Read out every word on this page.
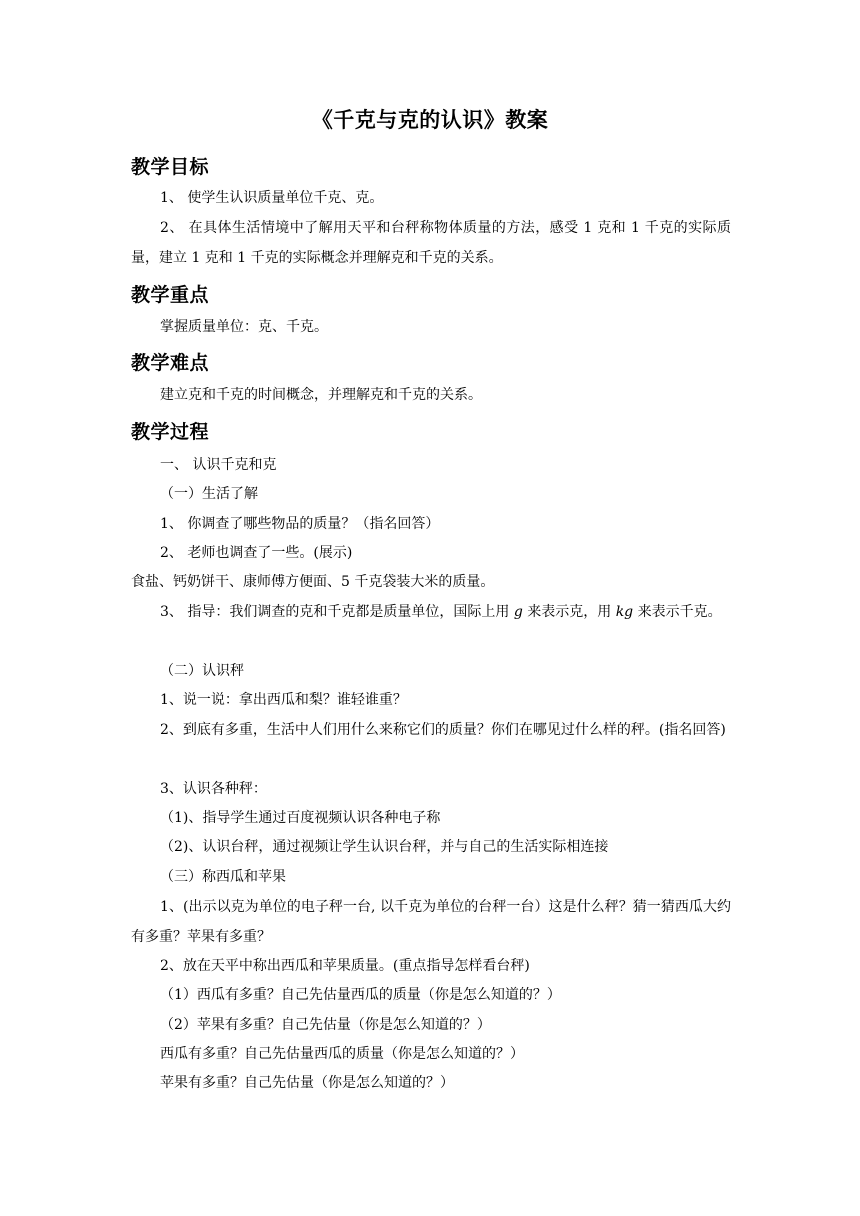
《千克与克的认识》教案
教学目标
1、 使学生认识质量单位千克、克。
2、 在具体生活情境中了解用天平和台秤称物体质量的方法，感受 1 克和 1 千克的实际质量，建立 1 克和 1 千克的实际概念并理解克和千克的关系。
教学重点
掌握质量单位：克、千克。
教学难点
建立克和千克的时间概念，并理解克和千克的关系。
教学过程
一、 认识千克和克
（一）生活了解
1、 你调查了哪些物品的质量？（指名回答）
2、 老师也调查了一些。(展示)
食盐、钙奶饼干、康师傅方便面、5 千克袋装大米的质量。
3、 指导：我们调查的克和千克都是质量单位，国际上用 g 来表示克，用 kg 来表示千克。
（二）认识秤
1、说一说：拿出西瓜和梨？谁轻谁重？
2、到底有多重，生活中人们用什么来称它们的质量？你们在哪见过什么样的秤。(指名回答)
3、认识各种秤：
（1)、指导学生通过百度视频认识各种电子称
（2)、认识台秤，通过视频让学生认识台秤，并与自己的生活实际相连接
（三）称西瓜和苹果
1、(出示以克为单位的电子秤一台, 以千克为单位的台秤一台）这是什么秤？猜一猜西瓜大约有多重？苹果有多重？
2、放在天平中称出西瓜和苹果质量。(重点指导怎样看台秤)
（1）西瓜有多重？自己先估量西瓜的质量（你是怎么知道的？）
（2）苹果有多重？自己先估量（你是怎么知道的？）
西瓜有多重？自己先估量西瓜的质量（你是怎么知道的？）
苹果有多重？自己先估量（你是怎么知道的？）
